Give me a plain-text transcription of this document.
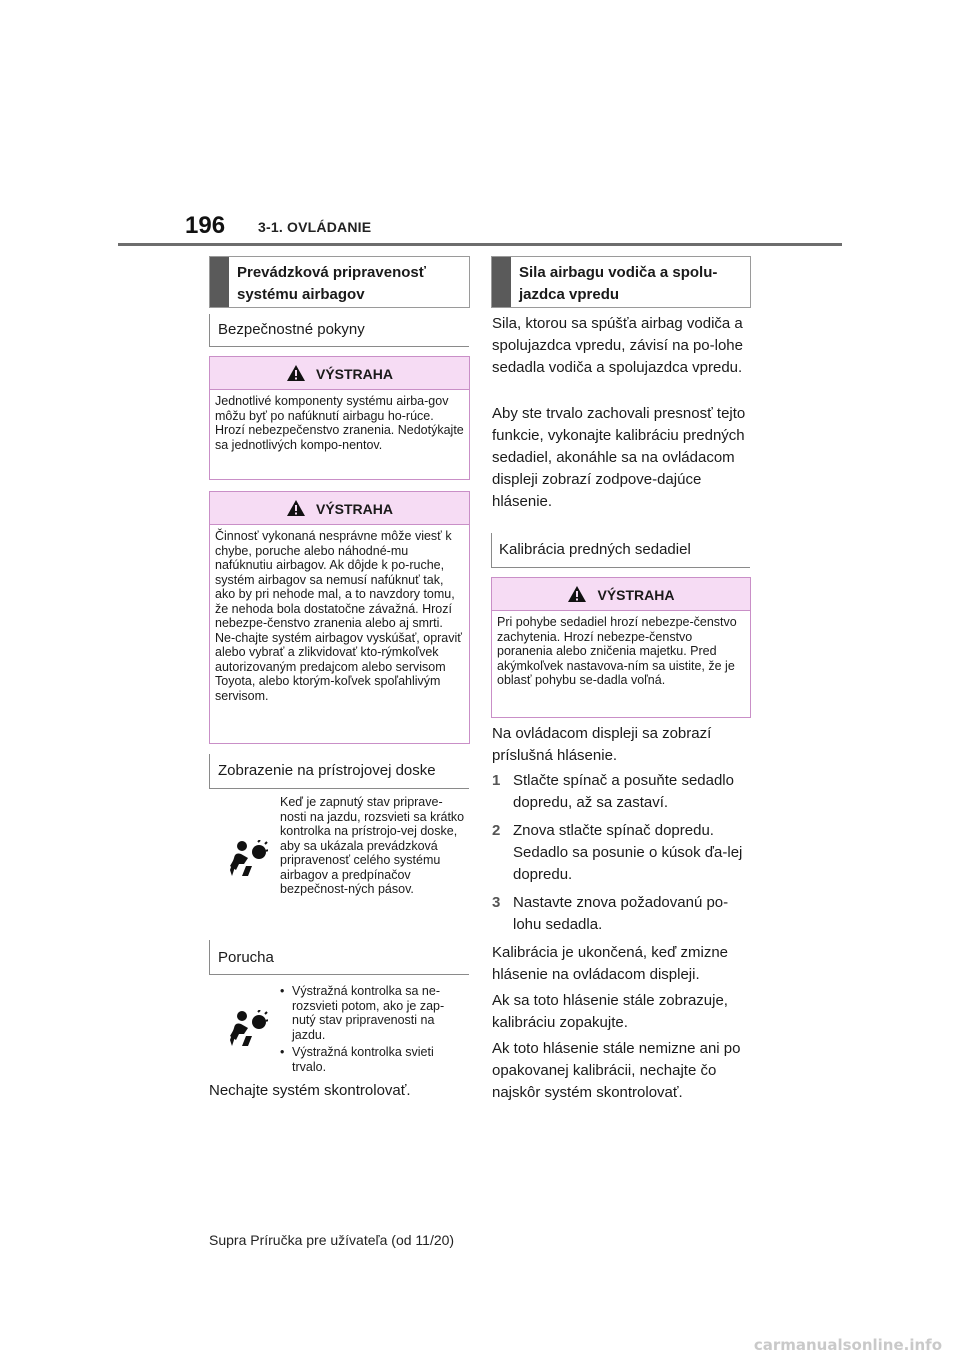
196 3-1. OVLÁDANIE
Prevádzková pripravenosť systému airbagov
Bezpečnostné pokyny
VÝSTRAHA
Jednotlivé komponenty systému airba-gov môžu byť po nafúknutí airbagu ho-rúce. Hrozí nebezpečenstvo zranenia. Nedotýkajte sa jednotlivých kompo-nentov.
VÝSTRAHA
Činnosť vykonaná nesprávne môže viesť k chybe, poruche alebo náhodné-mu nafúknutiu airbagov. Ak dôjde k po-ruche, systém airbagov sa nemusí nafúknuť tak, ako by pri nehode mal, a to navzdory tomu, že nehoda bola dostatočne závažná. Hrozí nebezpe-čenstvo zranenia alebo aj smrti. Ne-chajte systém airbagov vyskúšať, opraviť alebo vybrať a zlikvidovať kto-rýmkoľvek autorizovaným predajcom alebo servisom Toyota, alebo ktorým-koľvek spoľahlivým servisom.
Zobrazenie na prístrojovej doske
Keď je zapnutý stav priprave-nosti na jazdu, rozsvieti sa krátko kontrolka na prístrojo-vej doske, aby sa ukázala prevádzková pripravenosť celého systému airbagov a predpínačov bezpečnost-ných pásov.
Porucha
• Výstražná kontrolka sa ne-rozsvieti potom, ako je zap-nutý stav pripravenosti na jazdu.
• Výstražná kontrolka svieti trvalo.
Nechajte systém skontrolovať.
Sila airbagu vodiča a spolu-jazdca vpredu
Sila, ktorou sa spúšťa airbag vodiča a spolujazdca vpredu, závisí na po-lohe sedadla vodiča a spolujazdca vpredu.
Aby ste trvalo zachovali presnosť tejto funkcie, vykonajte kalibráciu predných sedadiel, akonáhle sa na ovládacom displeji zobrazí zodpove-dajúce hlásenie.
Kalibrácia predných sedadiel
VÝSTRAHA
Pri pohybe sedadiel hrozí nebezpe-čenstvo zachytenia. Hrozí nebezpe-čenstvo poranenia alebo zničenia majetku. Pred akýmkoľvek nastavova-ním sa uistite, že je oblasť pohybu se-dadla voľná.
Na ovládacom displeji sa zobrazí príslušná hlásenie.
1 Stlačte spínač a posuňte sedadlo dopredu, až sa zastaví.
2 Znova stlačte spínač dopredu. Sedadlo sa posunie o kúsok ďa-lej dopredu.
3 Nastavte znova požadovanú po-lohu sedadla.
Kalibrácia je ukončená, keď zmizne hlásenie na ovládacom displeji.
Ak sa toto hlásenie stále zobrazuje, kalibráciu zopakujte.
Ak toto hlásenie stále nemizne ani po opakovanej kalibrácii, nechajte čo najskôr systém skontrolovať.
Supra Príručka pre užívateľa (od 11/20)
carmanualsonline.info
